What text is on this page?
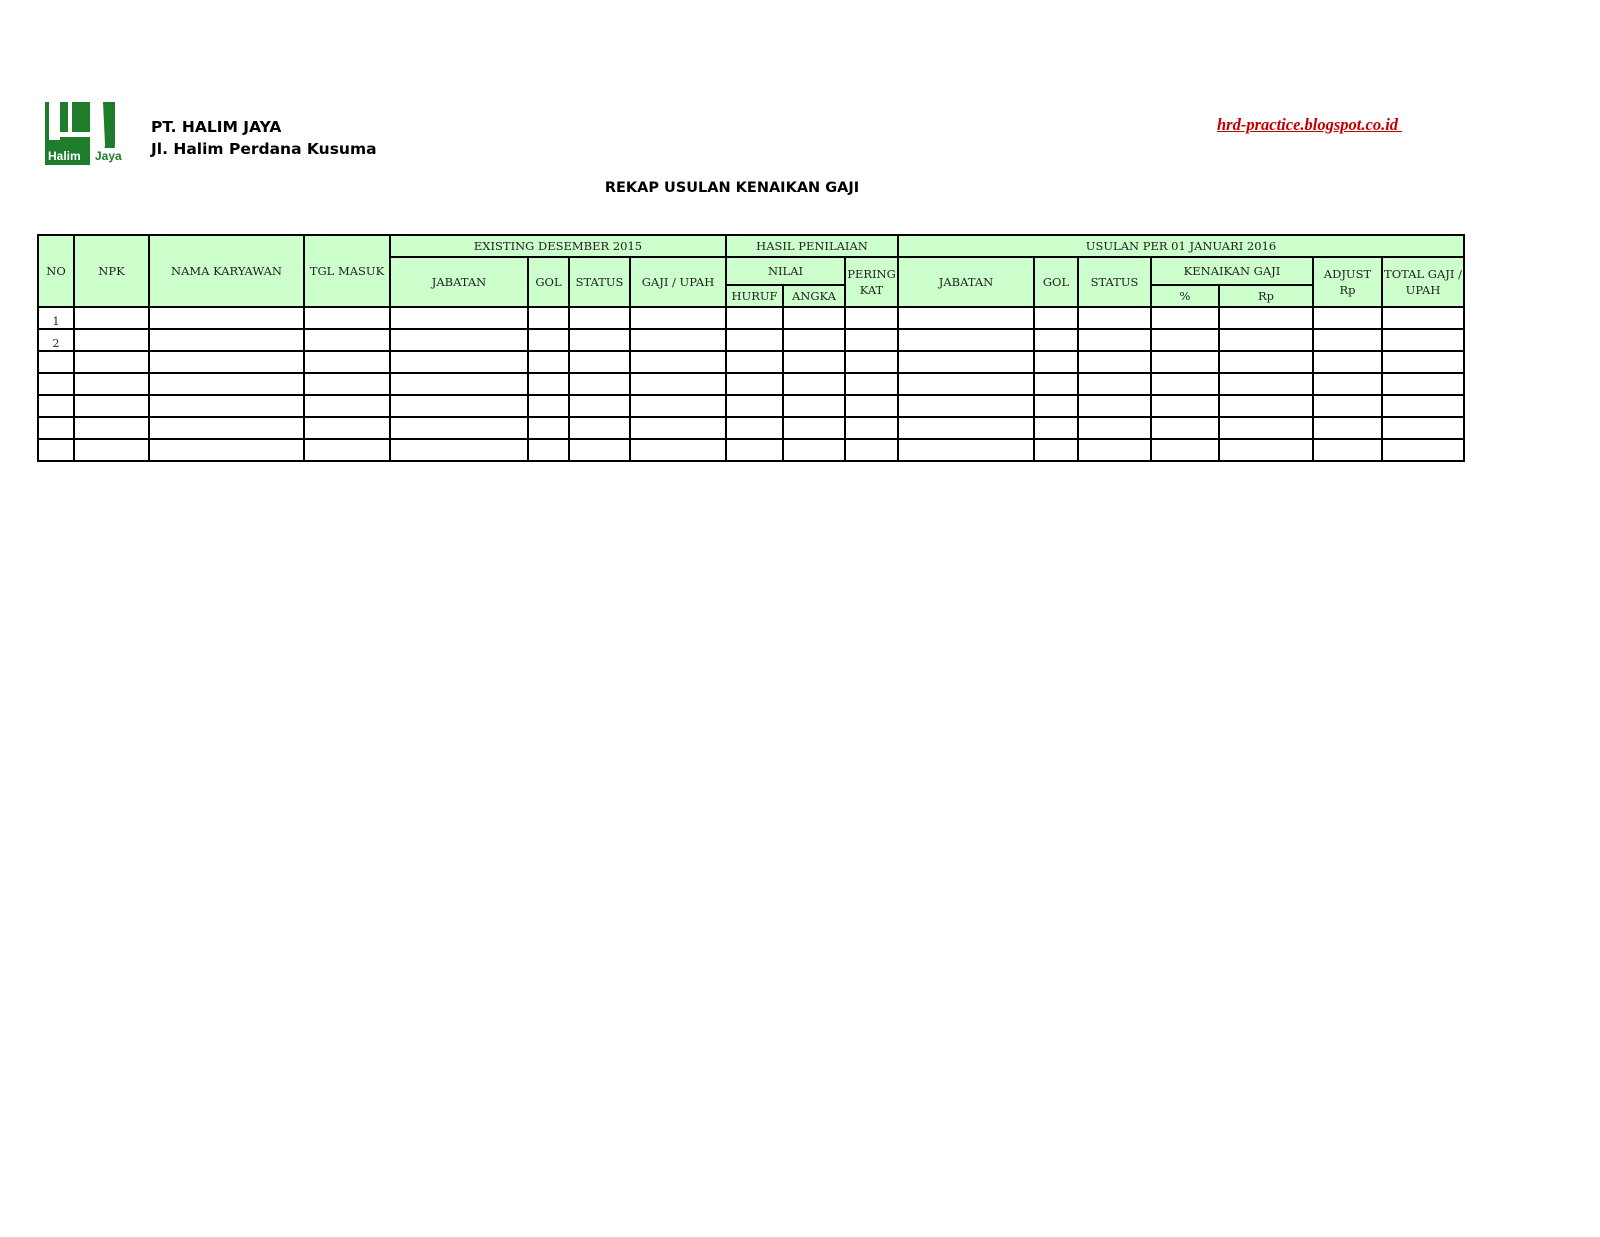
Halim Jaya
PT. HALIM JAYA
Jl. Halim Perdana Kusuma
hrd-practice.blogspot.co.id
REKAP USULAN KENAIKAN GAJI
NO	NPK	NAMA KARYAWAN	TGL MASUK	EXISTING DESEMBER 2015				HASIL PENILAIAN			USULAN PER 01 JANUARI 2016						
				JABATAN	GOL	STATUS	GAJI / UPAH	NILAI		PERING KAT	JABATAN	GOL	STATUS	KENAIKAN GAJI		ADJUST Rp	TOTAL GAJI / UPAH
								HURUF	ANGKA					%	Rp		
1																	
2																	
